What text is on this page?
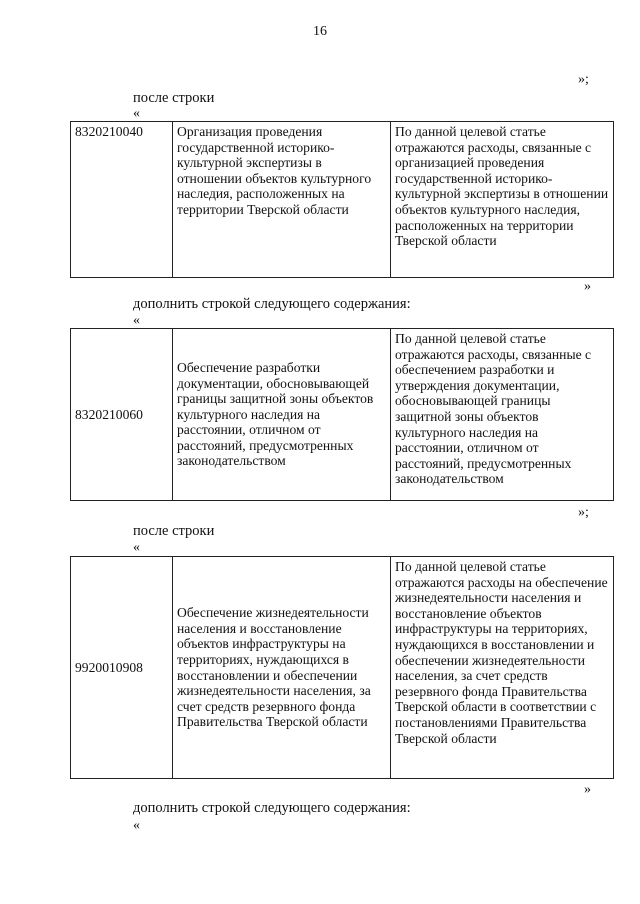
16
»;
после строки
«
8320210040	Организация проведения государственной историко-культурной экспертизы в отношении объектов культурного наследия, расположенных на территории Тверской области	По данной целевой статье отражаются расходы, связанные с организацией проведения государственной историко-культурной экспертизы в отношении объектов культурного наследия, расположенных на территории Тверской области
»
дополнить строкой следующего содержания:
«
8320210060	Обеспечение разработки документации, обосновывающей границы защитной зоны объектов культурного наследия на расстоянии, отличном от расстояний, предусмотренных законодательством	По данной целевой статье отражаются расходы, связанные с обеспечением разработки и утверждения документации, обосновывающей границы защитной зоны объектов культурного наследия на расстоянии, отличном от расстояний, предусмотренных законодательством
»;
после строки
«
9920010908	Обеспечение жизнедеятельности населения и восстановление объектов инфраструктуры на территориях, нуждающихся в восстановлении и обеспечении жизнедеятельности населения, за счет средств резервного фонда Правительства Тверской области	По данной целевой статье отражаются расходы на обеспечение жизнедеятельности населения и восстановление объектов инфраструктуры на территориях, нуждающихся в восстановлении и обеспечении жизнедеятельности населения, за счет средств резервного фонда Правительства Тверской области в соответствии с постановлениями Правительства Тверской области
»
дополнить строкой следующего содержания:
«
